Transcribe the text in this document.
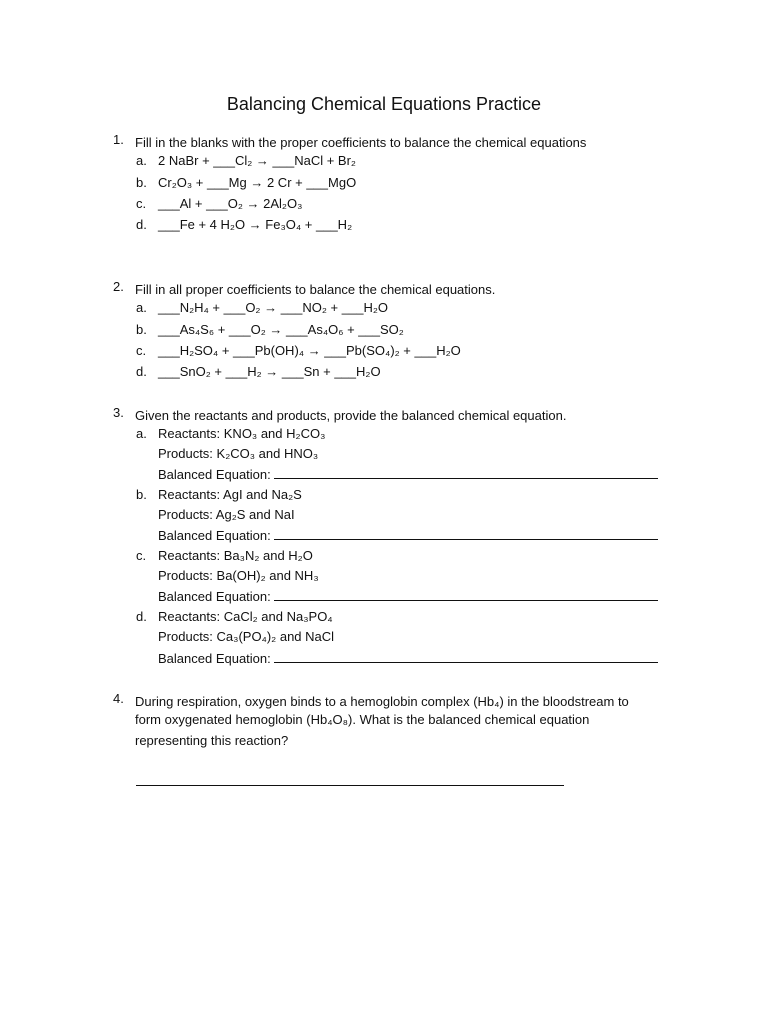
Balancing Chemical Equations Practice
1. Fill in the blanks with the proper coefficients to balance the chemical equations
a. 2 NaBr + ___Cl₂ → ___NaCl + Br₂
b. Cr₂O₃ + ___Mg → 2 Cr + ___MgO
c. ___Al + ___O₂ → 2Al₂O₃
d. ___Fe + 4 H₂O → Fe₃O₄ + ___H₂
2. Fill in all proper coefficients to balance the chemical equations.
a. ___N₂H₄ + ___O₂ → ___NO₂ + ___H₂O
b. ___As₄S₆ + ___O₂ → ___As₄O₆ + ___SO₂
c. ___H₂SO₄ + ___Pb(OH)₄ → ___Pb(SO₄)₂ + ___H₂O
d. ___SnO₂ + ___H₂ → ___Sn + ___H₂O
3. Given the reactants and products, provide the balanced chemical equation.
a. Reactants: KNO₃ and H₂CO₃
Products: K₂CO₃ and HNO₃
Balanced Equation:
b. Reactants: AgI and Na₂S
Products: Ag₂S and NaI
Balanced Equation:
c. Reactants: Ba₃N₂ and H₂O
Products: Ba(OH)₂ and NH₃
Balanced Equation:
d. Reactants: CaCl₂ and Na₃PO₄
Products: Ca₃(PO₄)₂ and NaCl
Balanced Equation:
4. During respiration, oxygen binds to a hemoglobin complex (Hb₄) in the bloodstream to
form oxygenated hemoglobin (Hb₄O₈). What is the balanced chemical equation
representing this reaction?
